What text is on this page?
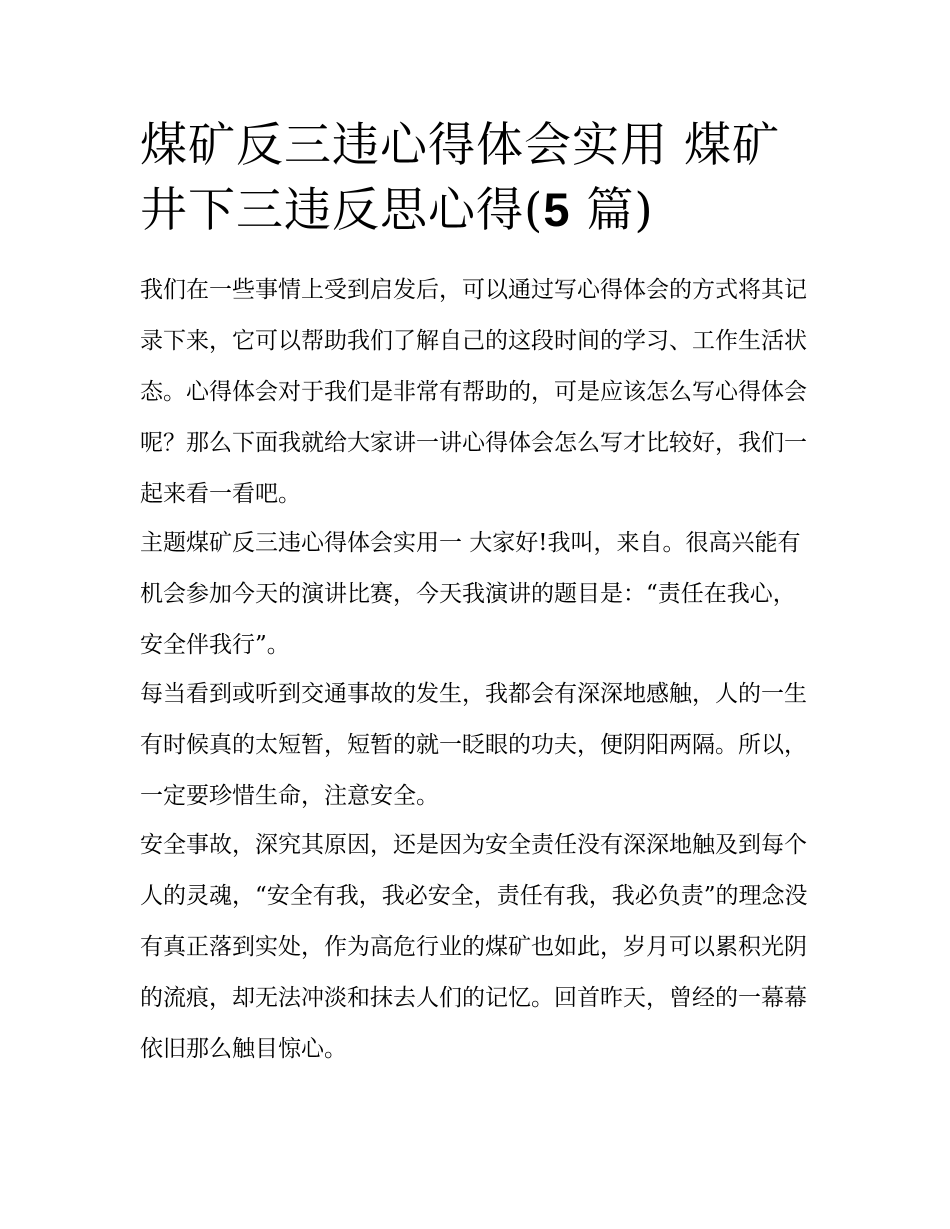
煤矿反三违心得体会实用 煤矿井下三违反思心得(5 篇)

我们在一些事情上受到启发后，可以通过写心得体会的方式将其记录下来，它可以帮助我们了解自己的这段时间的学习、工作生活状态。心得体会对于我们是非常有帮助的，可是应该怎么写心得体会呢？那么下面我就给大家讲一讲心得体会怎么写才比较好，我们一起来看一看吧。

主题煤矿反三违心得体会实用一 大家好!我叫，来自。很高兴能有机会参加今天的演讲比赛，今天我演讲的题目是：“责任在我心，安全伴我行”。

每当看到或听到交通事故的发生，我都会有深深地感触，人的一生有时候真的太短暂，短暂的就一眨眼的功夫，便阴阳两隔。所以，一定要珍惜生命，注意安全。

安全事故，深究其原因，还是因为安全责任没有深深地触及到每个人的灵魂，“安全有我，我必安全，责任有我，我必负责”的理念没有真正落到实处，作为高危行业的煤矿也如此，岁月可以累积光阴的流痕，却无法冲淡和抹去人们的记忆。回首昨天，曾经的一幕幕依旧那么触目惊心。
